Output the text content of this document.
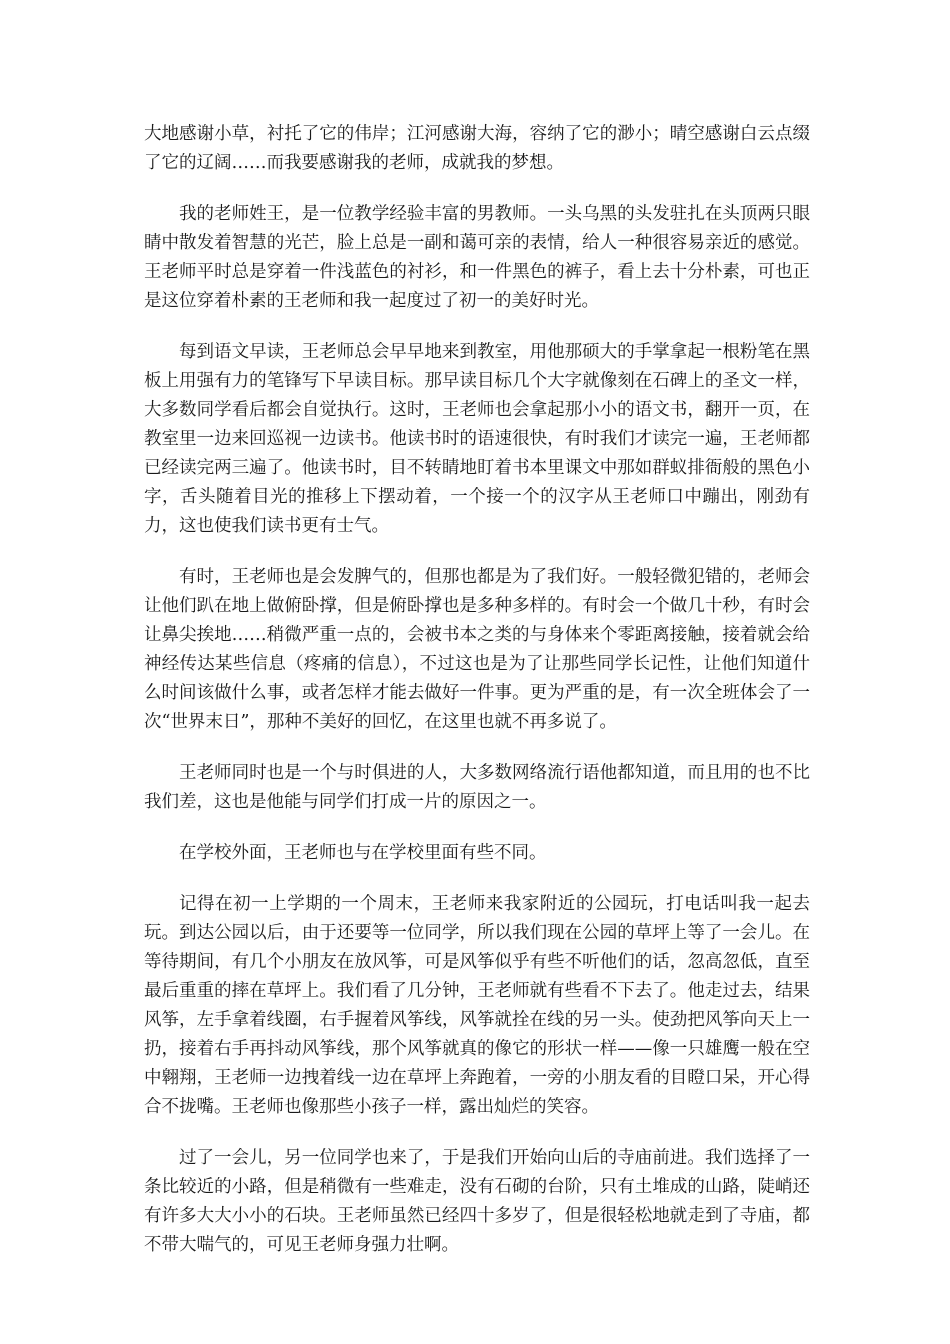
大地感谢小草，衬托了它的伟岸；江河感谢大海，容纳了它的渺小；晴空感谢白云点缀了它的辽阔……而我要感谢我的老师，成就我的梦想。

我的老师姓王，是一位教学经验丰富的男教师。一头乌黑的头发驻扎在头顶两只眼睛中散发着智慧的光芒，脸上总是一副和蔼可亲的表情，给人一种很容易亲近的感觉。王老师平时总是穿着一件浅蓝色的衬衫，和一件黑色的裤子，看上去十分朴素，可也正是这位穿着朴素的王老师和我一起度过了初一的美好时光。

每到语文早读，王老师总会早早地来到教室，用他那硕大的手掌拿起一根粉笔在黑板上用强有力的笔锋写下早读目标。那早读目标几个大字就像刻在石碑上的圣文一样，大多数同学看后都会自觉执行。这时，王老师也会拿起那小小的语文书，翻开一页，在教室里一边来回巡视一边读书。他读书时的语速很快，有时我们才读完一遍，王老师都已经读完两三遍了。他读书时，目不转睛地盯着书本里课文中那如群蚁排衙般的黑色小字，舌头随着目光的推移上下摆动着，一个接一个的汉字从王老师口中蹦出，刚劲有力，这也使我们读书更有士气。

有时，王老师也是会发脾气的，但那也都是为了我们好。一般轻微犯错的，老师会让他们趴在地上做俯卧撑，但是俯卧撑也是多种多样的。有时会一个做几十秒，有时会让鼻尖挨地……稍微严重一点的，会被书本之类的与身体来个零距离接触，接着就会给神经传达某些信息（疼痛的信息），不过这也是为了让那些同学长记性，让他们知道什么时间该做什么事，或者怎样才能去做好一件事。更为严重的是，有一次全班体会了一次“世界末日”，那种不美好的回忆，在这里也就不再多说了。

王老师同时也是一个与时俱进的人，大多数网络流行语他都知道，而且用的也不比我们差，这也是他能与同学们打成一片的原因之一。

在学校外面，王老师也与在学校里面有些不同。

记得在初一上学期的一个周末，王老师来我家附近的公园玩，打电话叫我一起去玩。到达公园以后，由于还要等一位同学，所以我们现在公园的草坪上等了一会儿。在等待期间，有几个小朋友在放风筝，可是风筝似乎有些不听他们的话，忽高忽低，直至最后重重的摔在草坪上。我们看了几分钟，王老师就有些看不下去了。他走过去，结果风筝，左手拿着线圈，右手握着风筝线，风筝就拴在线的另一头。使劲把风筝向天上一扔，接着右手再抖动风筝线，那个风筝就真的像它的形状一样——像一只雄鹰一般在空中翱翔，王老师一边拽着线一边在草坪上奔跑着，一旁的小朋友看的目瞪口呆，开心得合不拢嘴。王老师也像那些小孩子一样，露出灿烂的笑容。

过了一会儿，另一位同学也来了，于是我们开始向山后的寺庙前进。我们选择了一条比较近的小路，但是稍微有一些难走，没有石砌的台阶，只有土堆成的山路，陡峭还有许多大大小小的石块。王老师虽然已经四十多岁了，但是很轻松地就走到了寺庙，都不带大喘气的，可见王老师身强力壮啊。
